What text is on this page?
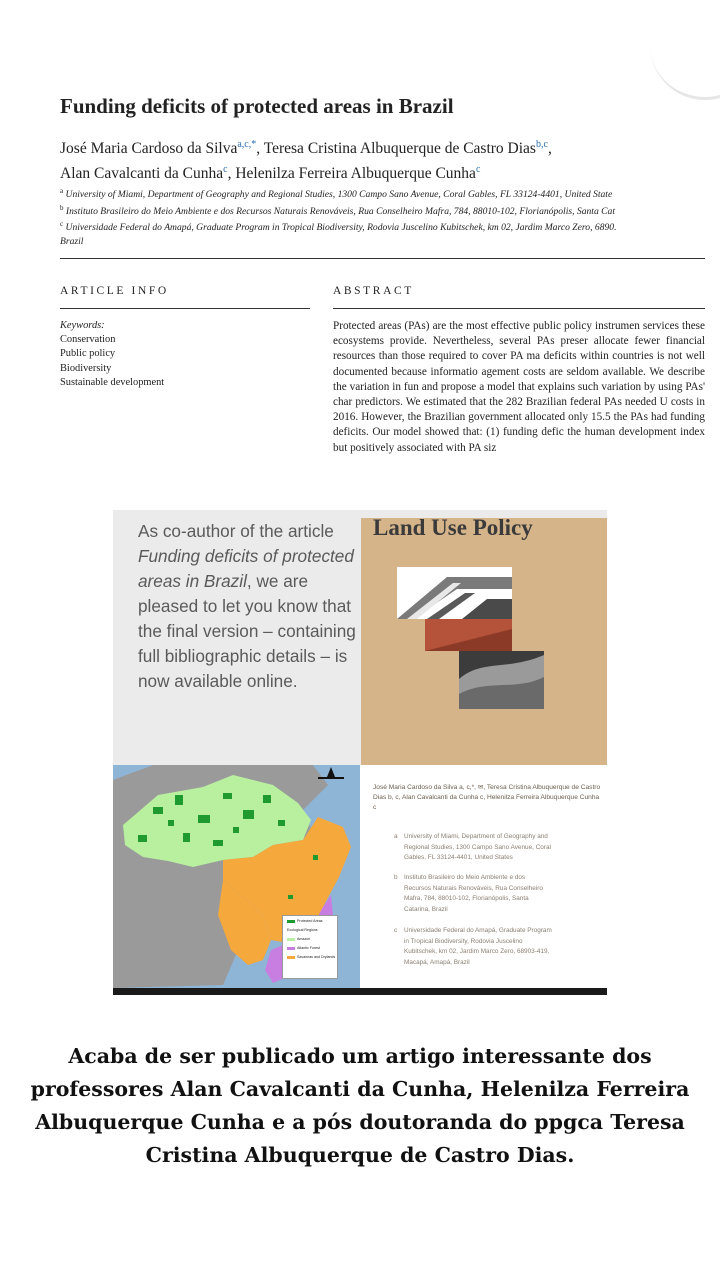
Funding deficits of protected areas in Brazil
José Maria Cardoso da Silva$^{a,c,*}$, Teresa Cristina Albuquerque de Castro Dias$^{b,c}$,
Alan Cavalcanti da Cunha$^c$, Helenilza Ferreira Albuquerque Cunha$^c$
$^a$ University of Miami, Department of Geography and Regional Studies, 1300 Campo Sano Avenue, Coral Gables, FL 33124-4401, United State
$^b$ Instituto Brasileiro do Meio Ambiente e dos Recursos Naturais Renováveis, Rua Conselheiro Mafra, 784, 88010-102, Florianópolis, Santa Cat
$^c$ Universidade Federal do Amapá, Graduate Program in Tropical Biodiversity, Rodovia Juscelino Kubitschek, km 02, Jardim Marco Zero, 6890.
Brazil
ARTICLE INFO	ABSTRACT
Keywords:
Conservation
Public policy
Biodiversity
Sustainable development

Protected areas (PAs) are the most effective public policy instrumen services these ecosystems provide. Nevertheless, several PAs preser allocate fewer financial resources than those required to cover PA ma deficits within countries is not well documented because informatio agement costs are seldom available. We describe the variation in fun and propose a model that explains such variation by using PAs' char predictors. We estimated that the 282 Brazilian federal PAs needed U costs in 2016. However, the Brazilian government allocated only 15.5 the PAs had funding deficits. Our model showed that: (1) funding defic the human development index but positively associated with PA siz

As co-author of the article Funding deficits of protected areas in Brazil, we are pleased to let you know that the final version – containing full bibliographic details – is now available online.

Land Use Policy
Protected Areas
Ecological Regions
Amazon
Atlantic Forest
Savannas and Drylands

José Maria Cardoso da Silva a, c,*, ✉, Teresa Cristina Albuquerque de Castro Dias b, c, Alan Cavalcanti da Cunha c, Helenilza Ferreira Albuquerque Cunha c

a University of Miami, Department of Geography and
Regional Studies, 1300 Campo Sano Avenue, Coral
Gables, FL 33124-4401, United States
b Instituto Brasileiro do Meio Ambiente e dos
Recursos Naturais Renováveis, Rua Conselheiro
Mafra, 784, 88010-102, Florianópolis, Santa
Catarina, Brazil
c Universidade Federal do Amapá, Graduate Program
in Tropical Biodiversity, Rodovia Juscelino
Kubitschek, km 02, Jardim Marco Zero, 68903-419,
Macapá, Amapá, Brazil

Acaba de ser publicado um artigo interessante dos professores Alan Cavalcanti da Cunha, Helenilza Ferreira Albuquerque Cunha e a pós doutoranda do ppgca Teresa Cristina Albuquerque de Castro Dias.
